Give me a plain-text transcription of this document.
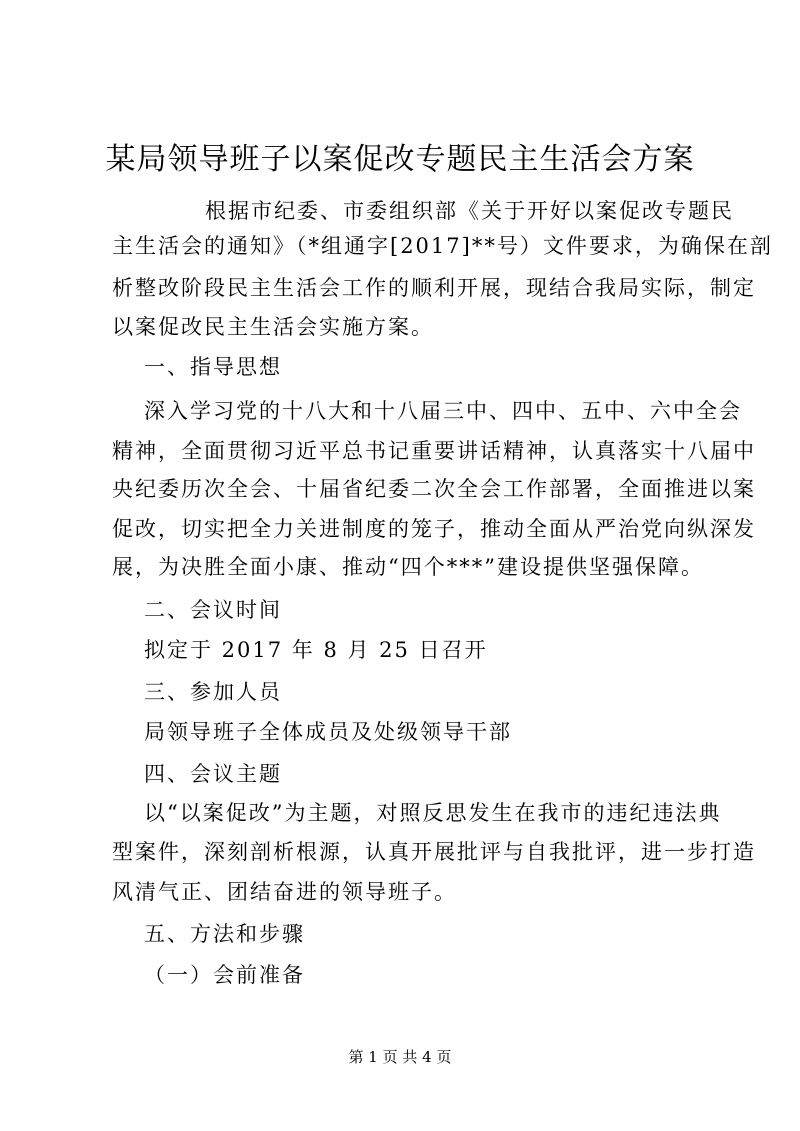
某局领导班子以案促改专题民主生活会方案
根据市纪委、市委组织部《关于开好以案促改专题民
主生活会的通知》（*组通字[2017]**号）文件要求，为确保在剖
析整改阶段民主生活会工作的顺利开展，现结合我局实际，制定
以案促改民主生活会实施方案。
一、指导思想
深入学习党的十八大和十八届三中、四中、五中、六中全会
精神，全面贯彻习近平总书记重要讲话精神，认真落实十八届中
央纪委历次全会、十届省纪委二次全会工作部署，全面推进以案
促改，切实把全力关进制度的笼子，推动全面从严治党向纵深发
展，为决胜全面小康、推动“四个***”建设提供坚强保障。
二、会议时间
拟定于 2017 年 8 月 25 日召开
三、参加人员
局领导班子全体成员及处级领导干部
四、会议主题
以“以案促改”为主题，对照反思发生在我市的违纪违法典
型案件，深刻剖析根源，认真开展批评与自我批评，进一步打造
风清气正、团结奋进的领导班子。
五、方法和步骤
（一）会前准备
第 1 页 共 4 页
